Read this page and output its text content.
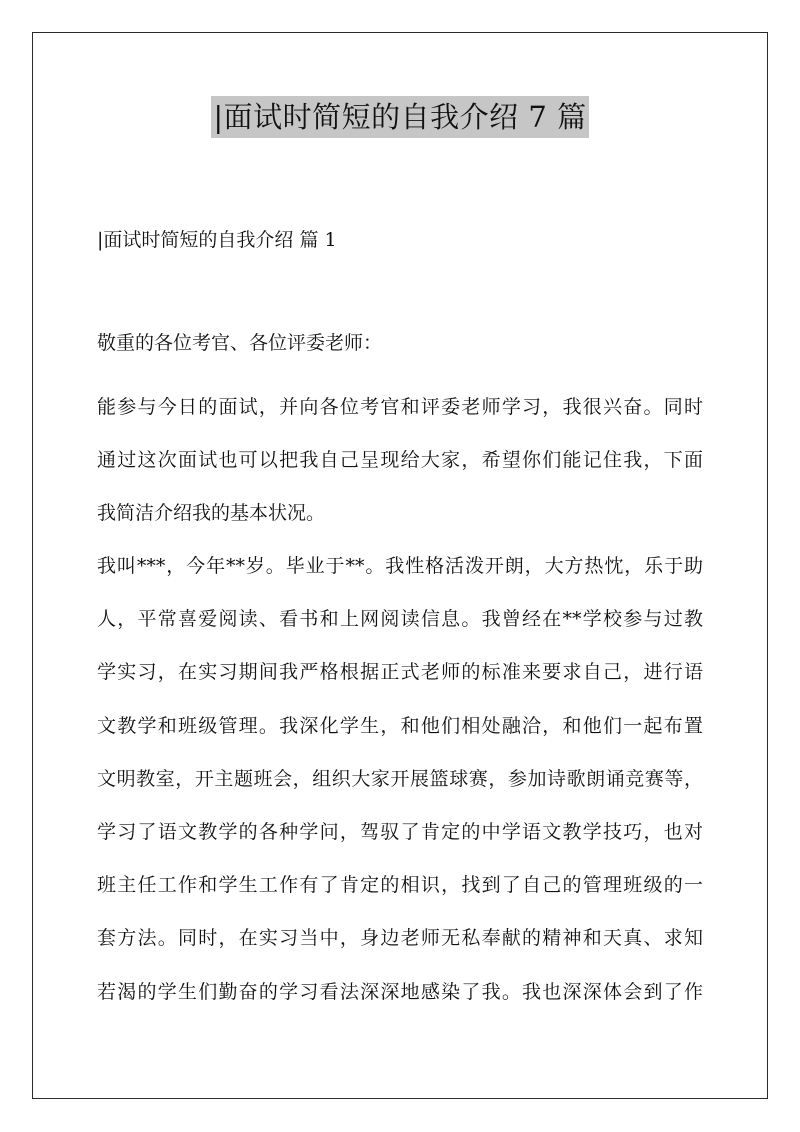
|面试时简短的自我介绍 7 篇
|面试时简短的自我介绍 篇 1

敬重的各位考官、各位评委老师：

能参与今日的面试，并向各位考官和评委老师学习，我很兴奋。同时
通过这次面试也可以把我自己呈现给大家，希望你们能记住我，下面
我简洁介绍我的基本状况。
我叫***，今年**岁。毕业于**。我性格活泼开朗，大方热忱，乐于助
人，平常喜爱阅读、看书和上网阅读信息。我曾经在**学校参与过教
学实习，在实习期间我严格根据正式老师的标准来要求自己，进行语
文教学和班级管理。我深化学生，和他们相处融洽，和他们一起布置
文明教室，开主题班会，组织大家开展篮球赛，参加诗歌朗诵竞赛等，
学习了语文教学的各种学问，驾驭了肯定的中学语文教学技巧，也对
班主任工作和学生工作有了肯定的相识，找到了自己的管理班级的一
套方法。同时，在实习当中，身边老师无私奉献的精神和天真、求知
若渴的学生们勤奋的学习看法深深地感染了我。我也深深体会到了作
